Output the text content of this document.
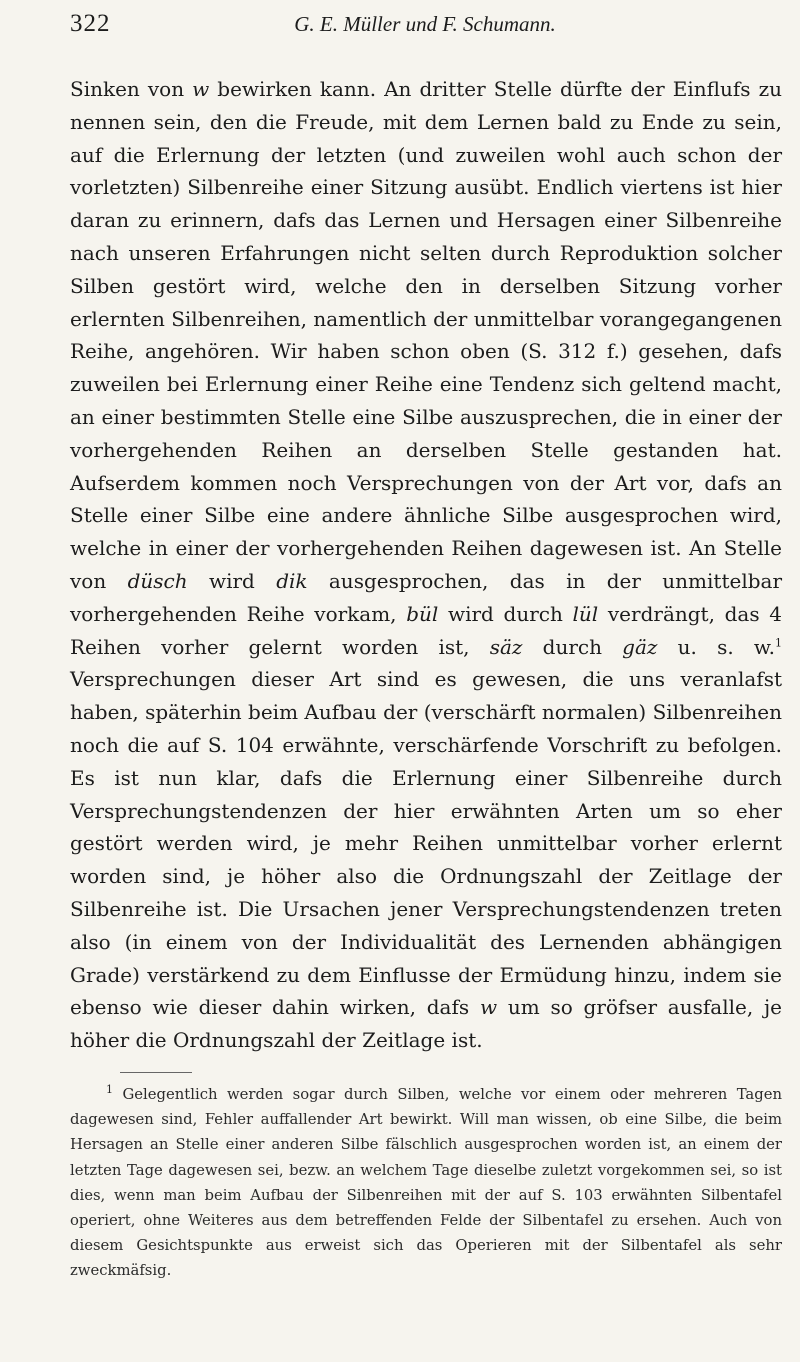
322	G. E. Müller und F. Schumann.

Sinken von w bewirken kann. An dritter Stelle dürfte der Einflufs zu nennen sein, den die Freude, mit dem Lernen bald zu Ende zu sein, auf die Erlernung der letzten (und zuweilen wohl auch schon der vorletzten) Silbenreihe einer Sitzung ausübt. Endlich viertens ist hier daran zu erinnern, dafs das Lernen und Hersagen einer Silbenreihe nach unseren Erfahrungen nicht selten durch Reproduktion solcher Silben gestört wird, welche den in derselben Sitzung vorher erlernten Silbenreihen, namentlich der unmittelbar vorangegangenen Reihe, angehören. Wir haben schon oben (S. 312 f.) gesehen, dafs zuweilen bei Erlernung einer Reihe eine Tendenz sich geltend macht, an einer bestimmten Stelle eine Silbe auszusprechen, die in einer der vorhergehenden Reihen an derselben Stelle gestanden hat. Aufserdem kommen noch Versprechungen von der Art vor, dafs an Stelle einer Silbe eine andere ähnliche Silbe ausgesprochen wird, welche in einer der vorhergehenden Reihen dagewesen ist. An Stelle von düsch wird dik ausgesprochen, das in der unmittelbar vorhergehenden Reihe vorkam, bül wird durch lül verdrängt, das 4 Reihen vorher gelernt worden ist, säz durch gäz u. s. w.$^1$ Versprechungen dieser Art sind es gewesen, die uns veranlafst haben, späterhin beim Aufbau der (verschärft normalen) Silbenreihen noch die auf S. 104 erwähnte, verschärfende Vorschrift zu befolgen. Es ist nun klar, dafs die Erlernung einer Silbenreihe durch Versprechungstendenzen der hier erwähnten Arten um so eher gestört werden wird, je mehr Reihen unmittelbar vorher erlernt worden sind, je höher also die Ordnungszahl der Zeitlage der Silbenreihe ist. Die Ursachen jener Versprechungstendenzen treten also (in einem von der Individualität des Lernenden abhängigen Grade) verstärkend zu dem Einflusse der Ermüdung hinzu, indem sie ebenso wie dieser dahin wirken, dafs w um so gröfser ausfalle, je höher die Ordnungszahl der Zeitlage ist.

$^1$ Gelegentlich werden sogar durch Silben, welche vor einem oder mehreren Tagen dagewesen sind, Fehler auffallender Art bewirkt. Will man wissen, ob eine Silbe, die beim Hersagen an Stelle einer anderen Silbe fälschlich ausgesprochen worden ist, an einem der letzten Tage dagewesen sei, bezw. an welchem Tage dieselbe zuletzt vorgekommen sei, so ist dies, wenn man beim Aufbau der Silbenreihen mit der auf S. 103 erwähnten Silbentafel operiert, ohne Weiteres aus dem betreffenden Felde der Silbentafel zu ersehen. Auch von diesem Gesichtspunkte aus erweist sich das Operieren mit der Silbentafel als sehr zweckmäfsig.
